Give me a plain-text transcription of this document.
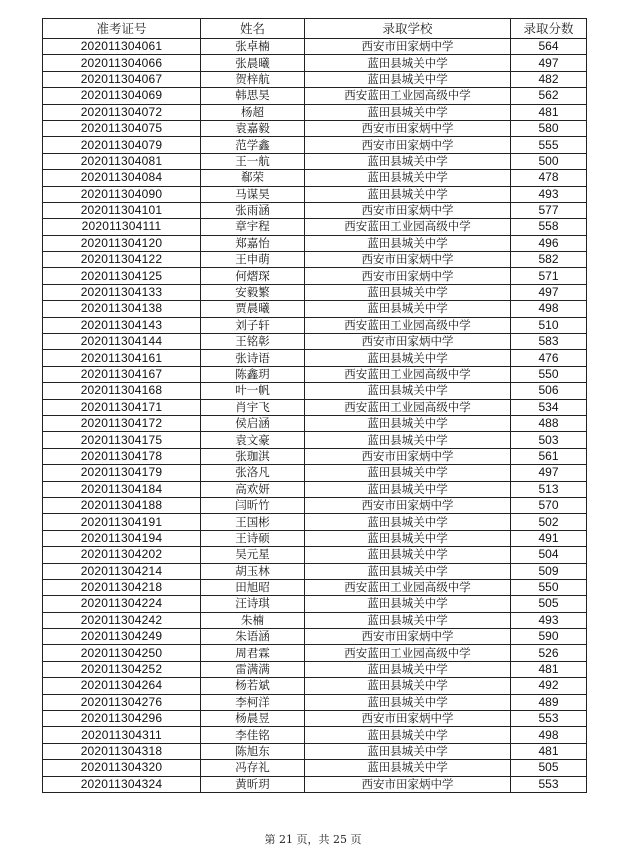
准考证号	姓名	录取学校	录取分数
202011304061	张卓楠	西安市田家炳中学	564
202011304066	张晨曦	蓝田县城关中学	497
202011304067	贺梓航	蓝田县城关中学	482
202011304069	韩思昊	西安蓝田工业园高级中学	562
202011304072	杨超	蓝田县城关中学	481
202011304075	袁嘉毅	西安市田家炳中学	580
202011304079	范学鑫	西安市田家炳中学	555
202011304081	王一航	蓝田县城关中学	500
202011304084	郗荣	蓝田县城关中学	478
202011304090	马谋昊	蓝田县城关中学	493
202011304101	张雨涵	西安市田家炳中学	577
202011304111	章宇程	西安蓝田工业园高级中学	558
202011304120	郑嘉怡	蓝田县城关中学	496
202011304122	王申萌	西安市田家炳中学	582
202011304125	何熠琛	西安市田家炳中学	571
202011304133	安毅繁	蓝田县城关中学	497
202011304138	贾晨曦	蓝田县城关中学	498
202011304143	刘子轩	西安蓝田工业园高级中学	510
202011304144	王铭彰	西安市田家炳中学	583
202011304161	张诗语	蓝田县城关中学	476
202011304167	陈鑫玥	西安蓝田工业园高级中学	550
202011304168	叶一帆	蓝田县城关中学	506
202011304171	肖宇飞	西安蓝田工业园高级中学	534
202011304172	侯启涵	蓝田县城关中学	488
202011304175	袁文豪	蓝田县城关中学	503
202011304178	张珈淇	西安市田家炳中学	561
202011304179	张洛凡	蓝田县城关中学	497
202011304184	高欢妍	蓝田县城关中学	513
202011304188	闫昕竹	西安市田家炳中学	570
202011304191	王国彬	蓝田县城关中学	502
202011304194	王诗硕	蓝田县城关中学	491
202011304202	吴元星	蓝田县城关中学	504
202011304214	胡玉林	蓝田县城关中学	509
202011304218	田旭昭	西安蓝田工业园高级中学	550
202011304224	汪诗琪	蓝田县城关中学	505
202011304242	朱楠	蓝田县城关中学	493
202011304249	朱语涵	西安市田家炳中学	590
202011304250	周君霖	西安蓝田工业园高级中学	526
202011304252	雷满满	蓝田县城关中学	481
202011304264	杨若斌	蓝田县城关中学	492
202011304276	李柯洋	蓝田县城关中学	489
202011304296	杨晨昱	西安市田家炳中学	553
202011304311	李佳铭	蓝田县城关中学	498
202011304318	陈旭东	蓝田县城关中学	481
202011304320	冯存礼	蓝田县城关中学	505
202011304324	黄昕玥	西安市田家炳中学	553
第 21 页，共 25 页
